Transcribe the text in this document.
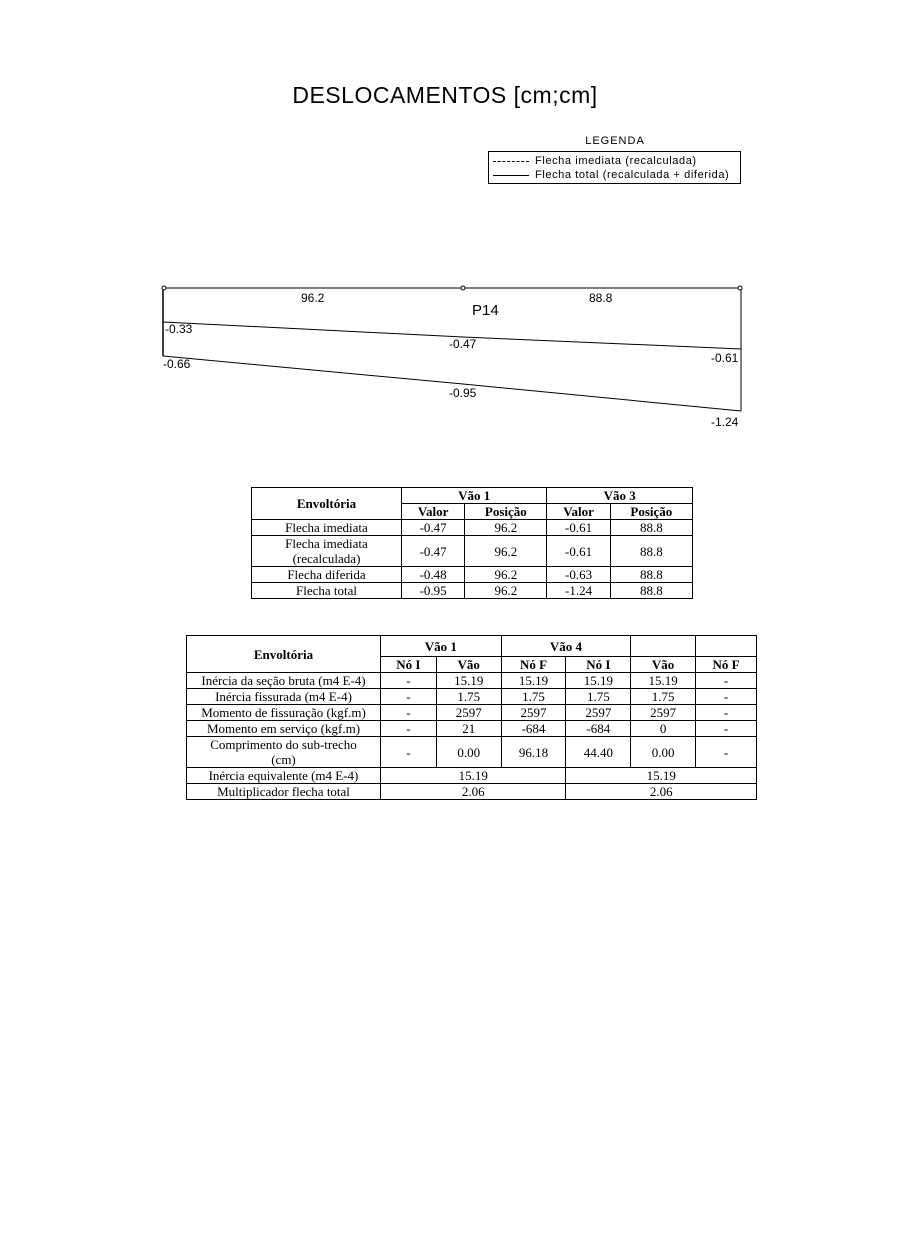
DESLOCAMENTOS [cm;cm]
LEGENDA
Flecha imediata (recalculada)
Flecha total (recalculada + diferida)
96.2	88.8
P14
-0.33
-0.47
-0.61
-0.66
-0.95
-1.24
Envoltória	Vão 1		Vão 3	
	Valor	Posição	Valor	Posição
Flecha imediata	-0.47	96.2	-0.61	88.8
Flecha imediata (recalculada)	-0.47	96.2	-0.61	88.8
Flecha diferida	-0.48	96.2	-0.63	88.8
Flecha total	-0.95	96.2	-1.24	88.8
Envoltória	Vão 1		Vão 4			
	Nó I	Vão	Nó F	Nó I	Vão	Nó F
Inércia da seção bruta (m4 E-4)	-	15.19	15.19	15.19	15.19	-
Inércia fissurada (m4 E-4)	-	1.75	1.75	1.75	1.75	-
Momento de fissuração (kgf.m)	-	2597	2597	2597	2597	-
Momento em serviço (kgf.m)	-	21	-684	-684	0	-
Comprimento do sub-trecho (cm)	-	0.00	96.18	44.40	0.00	-
Inércia equivalente (m4 E-4)	15.19			15.19		
Multiplicador flecha total	2.06			2.06		
